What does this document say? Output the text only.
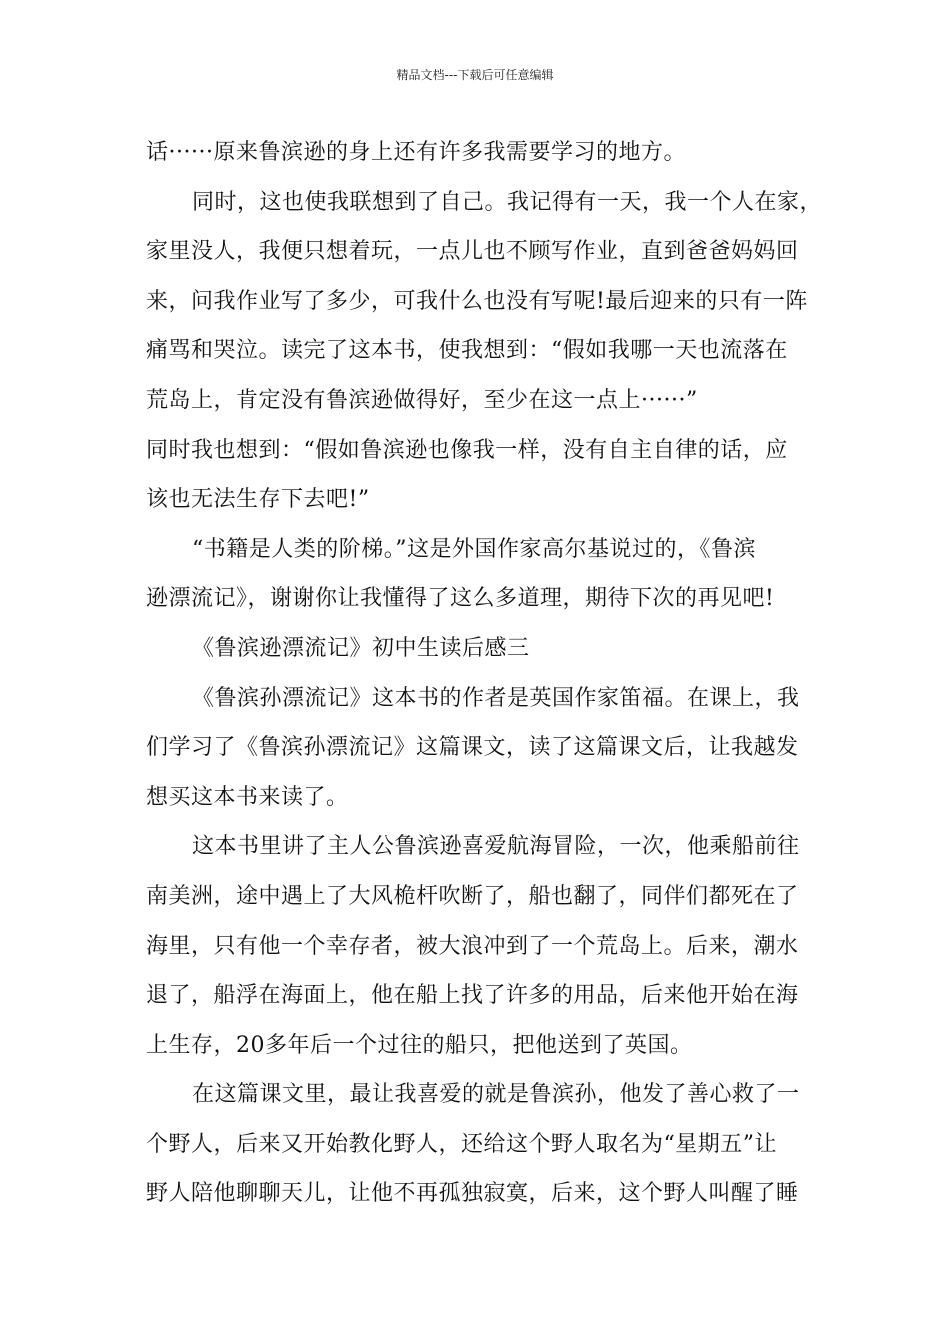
精品文档---下载后可任意编辑
话······原来鲁滨逊的身上还有许多我需要学习的地方。
同时，这也使我联想到了自己。我记得有一天，我一个人在家，
家里没人，我便只想着玩，一点儿也不顾写作业，直到爸爸妈妈回
来，问我作业写了多少，可我什么也没有写呢!最后迎来的只有一阵
痛骂和哭泣。读完了这本书，使我想到：“假如我哪一天也流落在
荒岛上，肯定没有鲁滨逊做得好，至少在这一点上······”
同时我也想到：“假如鲁滨逊也像我一样，没有自主自律的话，应
该也无法生存下去吧!”
“书籍是人类的阶梯。”这是外国作家高尔基说过的，《鲁滨
逊漂流记》，谢谢你让我懂得了这么多道理，期待下次的再见吧!
《鲁滨逊漂流记》初中生读后感三
《鲁滨孙漂流记》这本书的作者是英国作家笛福。在课上，我
们学习了《鲁滨孙漂流记》这篇课文，读了这篇课文后，让我越发
想买这本书来读了。
这本书里讲了主人公鲁滨逊喜爱航海冒险，一次，他乘船前往
南美洲，途中遇上了大风桅杆吹断了，船也翻了，同伴们都死在了
海里，只有他一个幸存者，被大浪冲到了一个荒岛上。后来，潮水
退了，船浮在海面上，他在船上找了许多的用品，后来他开始在海
上生存，20多年后一个过往的船只，把他送到了英国。
在这篇课文里，最让我喜爱的就是鲁滨孙，他发了善心救了一
个野人，后来又开始教化野人，还给这个野人取名为“星期五”让
野人陪他聊聊天儿，让他不再孤独寂寞，后来，这个野人叫醒了睡
